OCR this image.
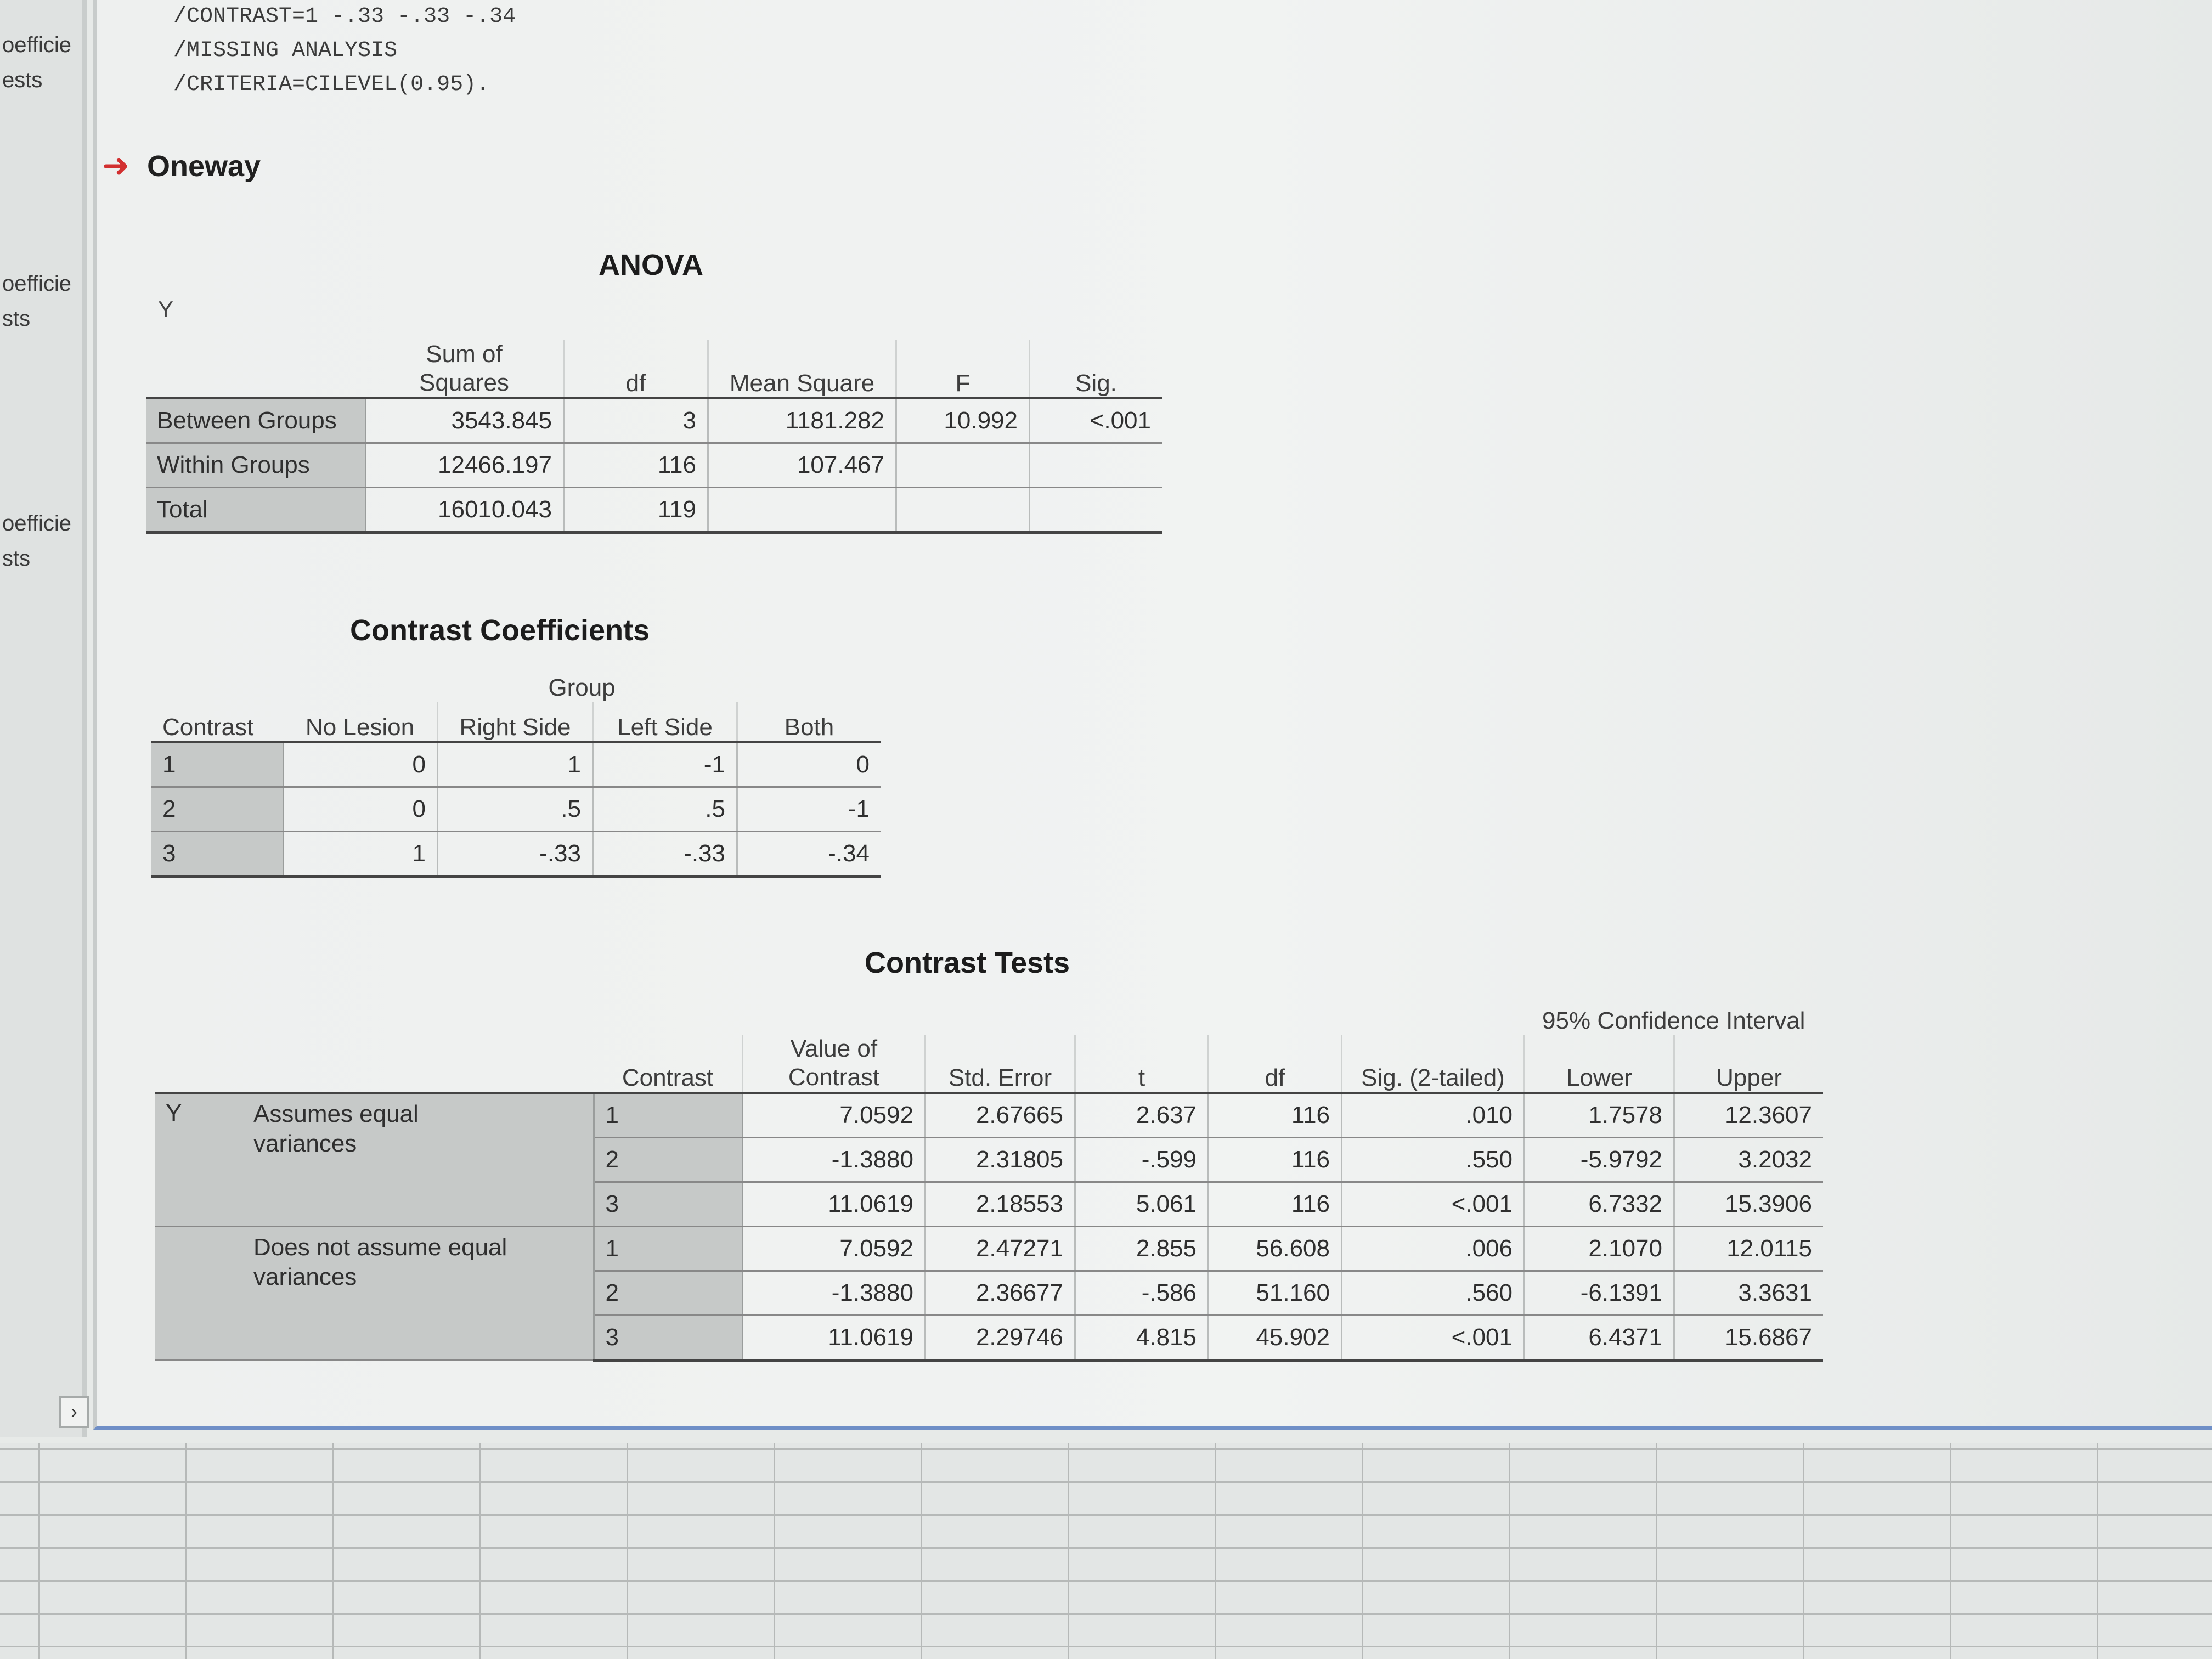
oefficie
ests
oefficie
sts
oefficie
sts
›
/CONTRAST=1 -.33 -.33 -.34
/MISSING ANALYSIS
/CRITERIA=CILEVEL(0.95).
➜ Oneway
ANOVA
Y
	Sum of
Squares	df	Mean Square	F	Sig.
Between Groups	3543.845	3	1181.282	10.992	<.001
Within Groups	12466.197	116	107.467		
Total	16010.043	119			
Contrast Coefficients
	Group			
Contrast	No Lesion	Right Side	Left Side	Both
1	0	1	-1	0
2	0	.5	.5	-1
3	1	-.33	-.33	-.34
Contrast Tests
							95% Confidence Interval	
	Contrast	Value of
Contrast	Std. Error	t	df	Sig. (2-tailed)	Lower	Upper

Y Assumes equal
variances	1	7.0592	2.67665	2.637	116	.010	1.7578	12.3607
	2	-1.3880	2.31805	-.599	116	.550	-5.9792	3.2032
	3	11.0619	2.18553	5.061	116	<.001	6.7332	15.3906

Does not assume equal
variances	1	7.0592	2.47271	2.855	56.608	.006	2.1070	12.0115
	2	-1.3880	2.36677	-.586	51.160	.560	-6.1391	3.3631
	3	11.0619	2.29746	4.815	45.902	<.001	6.4371	15.6867
